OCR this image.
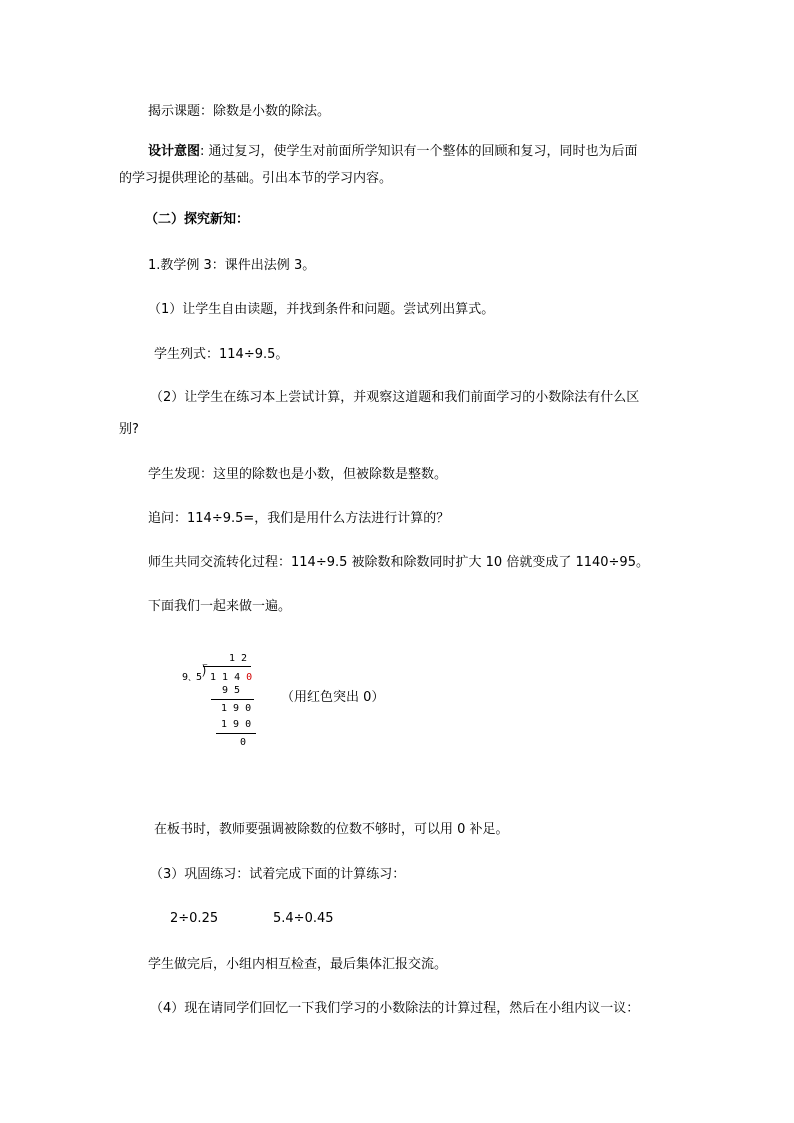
揭示课题：除数是小数的除法。
设计意图: 通过复习，使学生对前面所学知识有一个整体的回顾和复习，同时也为后面
的学习提供理论的基础。引出本节的学习内容。
（二）探究新知：
1.教学例 3：课件出法例 3。
（1）让学生自由读题，并找到条件和问题。尝试列出算式。
学生列式：114÷9.5。
（2）让学生在练习本上尝试计算，并观察这道题和我们前面学习的小数除法有什么区
别?
学生发现：这里的除数也是小数，但被除数是整数。
追问：114÷9.5=，我们是用什么方法进行计算的？
师生共同交流转化过程：114÷9.5 被除数和除数同时扩大 10 倍就变成了 1140÷95。
下面我们一起来做一遍。
1 2
9、5 ⟌ 1 1 4 0
9 5
1 9 0
1 9 0
0
（用红色突出 0）
在板书时，教师要强调被除数的位数不够时，可以用 0 补足。
（3）巩固练习：试着完成下面的计算练习：
2÷0.25	5.4÷0.45
学生做完后，小组内相互检查，最后集体汇报交流。
（4）现在请同学们回忆一下我们学习的小数除法的计算过程，然后在小组内议一议：
